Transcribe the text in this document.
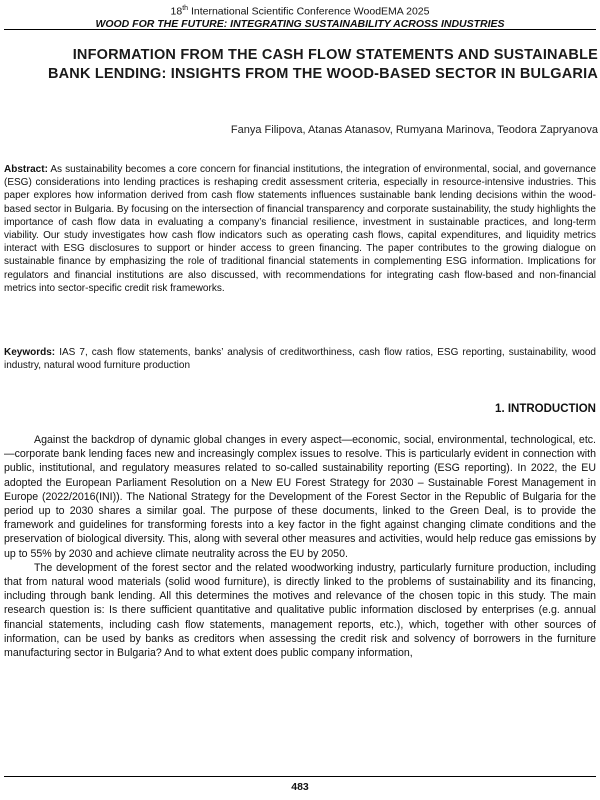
18th International Scientific Conference WoodEMA 2025
WOOD FOR THE FUTURE: INTEGRATING SUSTAINABILITY ACROSS INDUSTRIES
INFORMATION FROM THE CASH FLOW STATEMENTS AND SUSTAINABLE BANK LENDING: INSIGHTS FROM THE WOOD-BASED SECTOR IN BULGARIA
Fanya Filipova, Atanas Atanasov, Rumyana Marinova, Teodora Zapryanova
Abstract: As sustainability becomes a core concern for financial institutions, the integration of environmental, social, and governance (ESG) considerations into lending practices is reshaping credit assessment criteria, especially in resource-intensive industries. This paper explores how information derived from cash flow statements influences sustainable bank lending decisions within the wood-based sector in Bulgaria. By focusing on the intersection of financial transparency and corporate sustainability, the study highlights the importance of cash flow data in evaluating a company’s financial resilience, investment in sustainable practices, and long-term viability. Our study investigates how cash flow indicators such as operating cash flows, capital expenditures, and liquidity metrics interact with ESG disclosures to support or hinder access to green financing. The paper contributes to the growing dialogue on sustainable finance by emphasizing the role of traditional financial statements in complementing ESG information. Implications for regulators and financial institutions are also discussed, with recommendations for integrating cash flow-based and non-financial metrics into sector-specific credit risk frameworks.
Keywords: IAS 7, cash flow statements, banks’ analysis of creditworthiness, cash flow ratios, ESG reporting, sustainability, wood industry, natural wood furniture production
1. INTRODUCTION

Against the backdrop of dynamic global changes in every aspect—economic, social, environmental, technological, etc.—corporate bank lending faces new and increasingly complex issues to resolve. This is particularly evident in connection with public, institutional, and regulatory measures related to so-called sustainability reporting (ESG reporting). In 2022, the EU adopted the European Parliament Resolution on a New EU Forest Strategy for 2030 – Sustainable Forest Management in Europe (2022/2016(INI)). The National Strategy for the Development of the Forest Sector in the Republic of Bulgaria for the period up to 2030 shares a similar goal. The purpose of these documents, linked to the Green Deal, is to provide the framework and guidelines for transforming forests into a key factor in the fight against changing climate conditions and the preservation of biological diversity. This, along with several other measures and activities, would help reduce gas emissions by up to 55% by 2030 and achieve climate neutrality across the EU by 2050.

The development of the forest sector and the related woodworking industry, particularly furniture production, including that from natural wood materials (solid wood furniture), is directly linked to the problems of sustainability and its financing, including through bank lending. All this determines the motives and relevance of the chosen topic in this study. The main research question is: Is there sufficient quantitative and qualitative public information disclosed by enterprises (e.g. annual financial statements, including cash flow statements, management reports, etc.), which, together with other sources of information, can be used by banks as creditors when assessing the credit risk and solvency of borrowers in the furniture manufacturing sector in Bulgaria? And to what extent does public company information,

483
